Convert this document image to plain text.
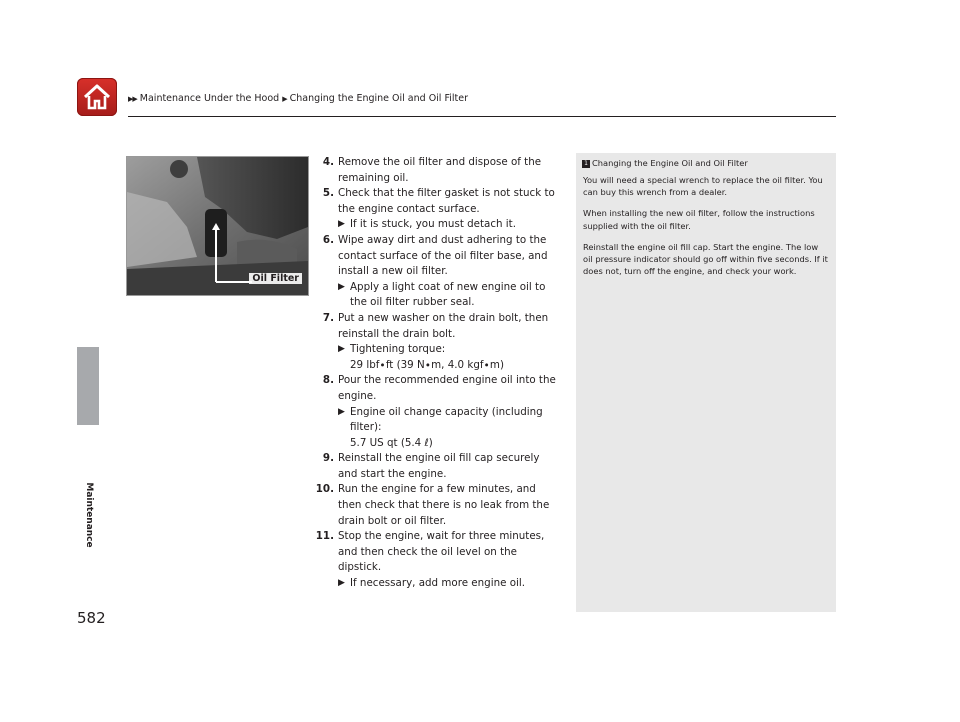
▶▶ Maintenance Under the Hood ▶ Changing the Engine Oil and Oil Filter
Maintenance
582
Oil Filter
4. Remove the oil filter and dispose of the remaining oil.
5. Check that the filter gasket is not stuck to the engine contact surface.
▶
If it is stuck, you must detach it.
6. Wipe away dirt and dust adhering to the contact surface of the oil filter base, and install a new oil filter.
▶
Apply a light coat of new engine oil to the oil filter rubber seal.
7. Put a new washer on the drain bolt, then reinstall the drain bolt.
▶
Tightening torque:
29 lbf∙ft (39 N∙m, 4.0 kgf∙m)
8. Pour the recommended engine oil into the engine.
▶
Engine oil change capacity (including filter):
5.7 US qt (5.4 ℓ)
9. Reinstall the engine oil fill cap securely and start the engine.
10. Run the engine for a few minutes, and then check that there is no leak from the drain bolt or oil filter.
11. Stop the engine, wait for three minutes, and then check the oil level on the dipstick.
▶
If necessary, add more engine oil.
1 Changing the Engine Oil and Oil Filter

You will need a special wrench to replace the oil filter. You can buy this wrench from a dealer.

When installing the new oil filter, follow the instructions supplied with the oil filter.

Reinstall the engine oil fill cap. Start the engine. The low oil pressure indicator should go off within five seconds. If it does not, turn off the engine, and check your work.
